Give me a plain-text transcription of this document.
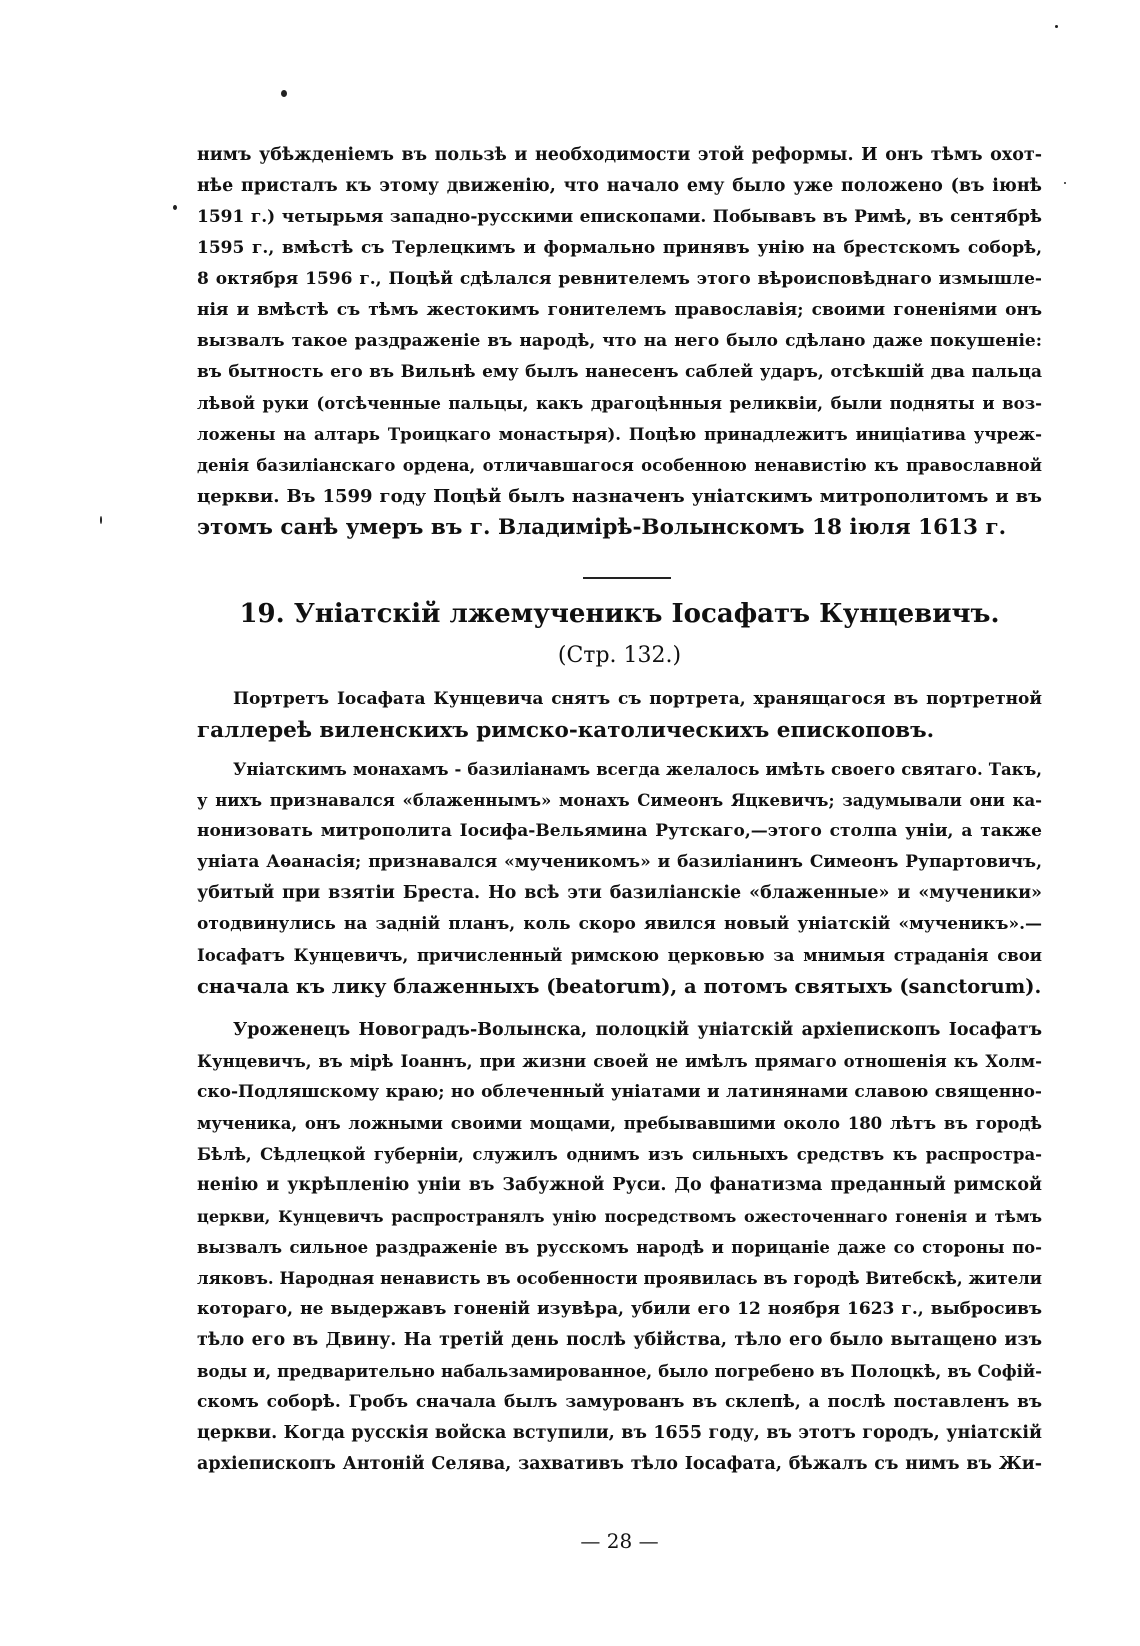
нимъ убѣжденіемъ въ пользѣ и необходимости этой реформы. И онъ тѣмъ охот-
нѣе присталъ къ этому движенію, что начало ему было уже положено (въ іюнѣ
1591 г.) четырьмя западно-русскими епископами. Побывавъ въ Римѣ, въ сентябрѣ
1595 г., вмѣстѣ съ Терлецкимъ и формально принявъ унію на брестскомъ соборѣ,
8 октября 1596 г., Поцѣй сдѣлался ревнителемъ этого вѣроисповѣднаго измышле-
нія и вмѣстѣ съ тѣмъ жестокимъ гонителемъ православія; своими гоненіями онъ
вызвалъ такое раздраженіе въ народѣ, что на него было сдѣлано даже покушеніе:
въ бытность его въ Вильнѣ ему былъ нанесенъ саблей ударъ, отсѣкшій два пальца
лѣвой руки (отсѣченные пальцы, какъ драгоцѣнныя реликвіи, были подняты и воз-
ложены на алтарь Троицкаго монастыря). Поцѣю принадлежитъ иниціатива учреж-
денія базиліанскаго ордена, отличавшагося особенною ненавистію къ православной
церкви. Въ 1599 году Поцѣй былъ назначенъ уніатскимъ митрополитомъ и въ
этомъ санѣ умеръ въ г. Владимірѣ-Волынскомъ 18 іюля 1613 г.
19. Уніатскій лжемученикъ Іосафатъ Кунцевичъ.
(Стр. 132.)
Портретъ Іосафата Кунцевича снятъ съ портрета, хранящагося въ портретной
галлереѣ виленскихъ римско-католическихъ епископовъ.
Уніатскимъ монахамъ - базиліанамъ всегда желалось имѣть своего святаго. Такъ,
у нихъ признавался «блаженнымъ» монахъ Симеонъ Яцкевичъ; задумывали они ка-
нонизовать митрополита Іосифа-Вельямина Рутскаго,—этого столпа уніи, а также
уніата Аѳанасія; признавался «мученикомъ» и базиліанинъ Симеонъ Рупартовичъ,
убитый при взятіи Бреста. Но всѣ эти базиліанскіе «блаженные» и «мученики»
отодвинулись на задній планъ, коль скоро явился новый уніатскій «мученикъ».—
Іосафатъ Кунцевичъ, причисленный римскою церковью за мнимыя страданія свои
сначала къ лику блаженныхъ (beatorum), а потомъ святыхъ (sanctorum).
Уроженецъ Новоградъ-Волынска, полоцкій уніатскій архіепископъ Іосафатъ
Кунцевичъ, въ мірѣ Іоаннъ, при жизни своей не имѣлъ прямаго отношенія къ Холм-
ско-Подляшскому краю; но облеченный уніатами и латинянами славою священно-
мученика, онъ ложными своими мощами, пребывавшими около 180 лѣтъ въ городѣ
Бѣлѣ, Сѣдлецкой губерніи, служилъ однимъ изъ сильныхъ средствъ къ распростра-
ненію и укрѣпленію уніи въ Забужной Руси. До фанатизма преданный римской
церкви, Кунцевичъ распространялъ унію посредствомъ ожесточеннаго гоненія и тѣмъ
вызвалъ сильное раздраженіе въ русскомъ народѣ и порицаніе даже со стороны по-
ляковъ. Народная ненависть въ особенности проявилась въ городѣ Витебскѣ, жители
котораго, не выдержавъ гоненій изувѣра, убили его 12 ноября 1623 г., выбросивъ
тѣло его въ Двину. На третій день послѣ убійства, тѣло его было вытащено изъ
воды и, предварительно набальзамированное, было погребено въ Полоцкѣ, въ Софій-
скомъ соборѣ. Гробъ сначала былъ замурованъ въ склепѣ, а послѣ поставленъ въ
церкви. Когда русскія войска вступили, въ 1655 году, въ этотъ городъ, уніатскій
архіепископъ Антоній Селява, захвативъ тѣло Іосафата, бѣжалъ съ нимъ въ Жи-
— 28 —
